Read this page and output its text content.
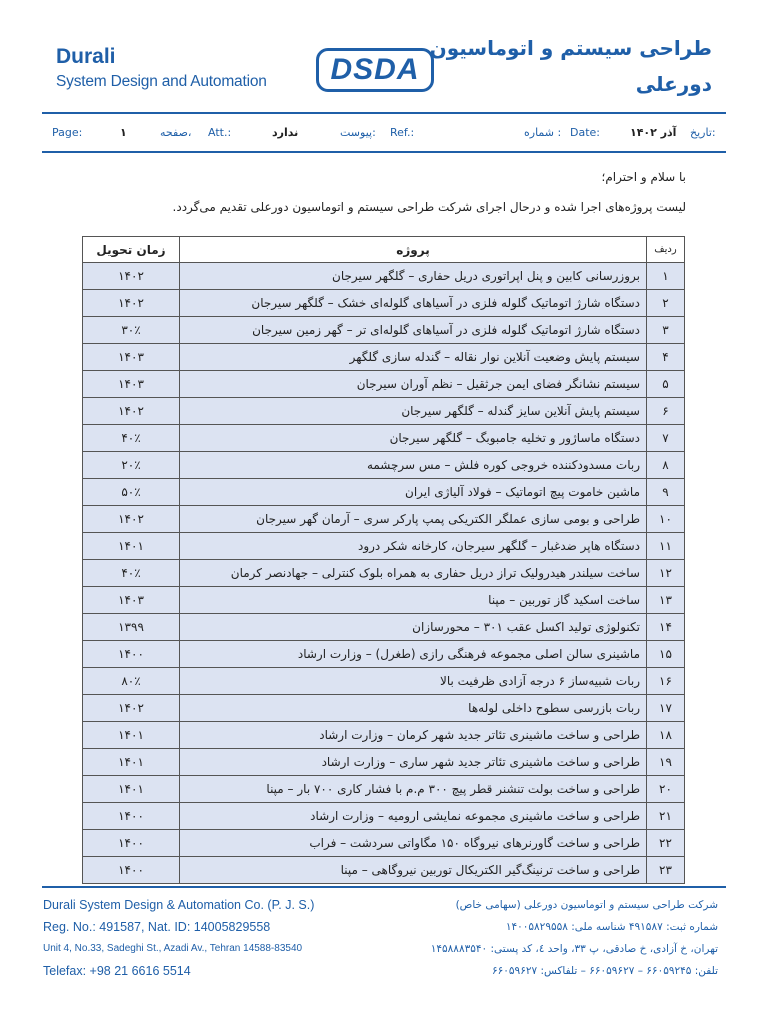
Durali
System Design and Automation DSDA
طراحی سیستم و اتوماسیون
دورعلی
Page:	۱	صفحه، Att.:	ندارد	پیوست: Ref.:	شماره : Date:	آذر ۱۴۰۲ تاریخ:
با سلام و احترام؛
لیست پروژه‌های اجرا شده و درحال اجرای شرکت طراحی سیستم و اتوماسیون دورعلی تقدیم می‌گردد.
ردیف	پروژه	زمان تحویل
۱	بروزرسانی کابین و پنل اپراتوری دریل حفاری – گلگهر سیرجان	۱۴۰۲
۲	دستگاه شارژ اتوماتیک گلوله فلزی در آسیاهای گلوله‌ای خشک – گلگهر سیرجان	۱۴۰۲
۳	دستگاه شارژ اتوماتیک گلوله فلزی در آسیاهای گلوله‌ای تر – گهر زمین سیرجان	۳۰٪
۴	سیستم پایش وضعیت آنلاین نوار نقاله – گندله سازی گلگهر	۱۴۰۳
۵	سیستم نشانگر فضای ایمن جرثقیل – نظم آوران سیرجان	۱۴۰۳
۶	سیستم پایش آنلاین سایز گندله – گلگهر سیرجان	۱۴۰۲
۷	دستگاه ماساژور و تخلیه جامبوبگ – گلگهر سیرجان	۴۰٪
۸	ربات مسدودکننده خروجی کوره فلش – مس سرچشمه	۲۰٪
۹	ماشین خاموت پیچ اتوماتیک – فولاد آلیاژی ایران	۵۰٪
۱۰	طراحی و بومی سازی عملگر الکتریکی پمپ پارکر سری – آرمان گهر سیرجان	۱۴۰۲
۱۱	دستگاه هاپر ضدغبار – گلگهر سیرجان، کارخانه شکر درود	۱۴۰۱
۱۲	ساخت سیلندر هیدرولیک تراز دریل حفاری به همراه بلوک کنترلی – جهادنصر کرمان	۴۰٪
۱۳	ساخت اسکید گاز توربین – مپنا	۱۴۰۳
۱۴	تکنولوژی تولید اکسل عقب ۳۰۱ – محورسازان	۱۳۹۹
۱۵	ماشینری سالن اصلی مجموعه فرهنگی رازی (طغرل) – وزارت ارشاد	۱۴۰۰
۱۶	ربات شبیه‌ساز ۶ درجه آزادی ظرفیت بالا	۸۰٪
۱۷	ربات بازرسی سطوح داخلی لوله‌ها	۱۴۰۲
۱۸	طراحی و ساخت ماشینری تئاتر جدید شهر کرمان – وزارت ارشاد	۱۴۰۱
۱۹	طراحی و ساخت ماشینری تئاتر جدید شهر ساری – وزارت ارشاد	۱۴۰۱
۲۰	طراحی و ساخت بولت تنشنر قطر پیچ ۳۰۰ م.م با فشار کاری ۷۰۰ بار – مپنا	۱۴۰۱
۲۱	طراحی و ساخت ماشینری مجموعه نمایشی ارومیه – وزارت ارشاد	۱۴۰۰
۲۲	طراحی و ساخت گاورنرهای نیروگاه ۱۵۰ مگاواتی سردشت – فراب	۱۴۰۰
۲۳	طراحی و ساخت ترنینگ‌گیر الکتریکال توربین نیروگاهی – مپنا	۱۴۰۰
Durali System Design & Automation Co. (P. J. S.)
Reg. No.: 491587, Nat. ID: 14005829558
Unit 4, No.33, Sadeghi St., Azadi Av., Tehran 14588-83540
Telefax: +98 21 6616 5514
شرکت طراحی سیستم و اتوماسیون دورعلی (سهامی خاص)
شماره ثبت: ۴۹۱۵۸۷ شناسه ملی: ۱۴۰۰۵۸۲۹۵۵۸
تهران، خ آزادی، خ صادقی، پ ۳۳، واحد ٤، کد پستی: ۱۴۵۸۸۸۳۵۴۰
تلفن: ۶۶۰۵۹۲۴۵ – ۶۶۰۵۹۶۲۷ – تلفاکس: ۶۶۰۵۹۶۲۷
